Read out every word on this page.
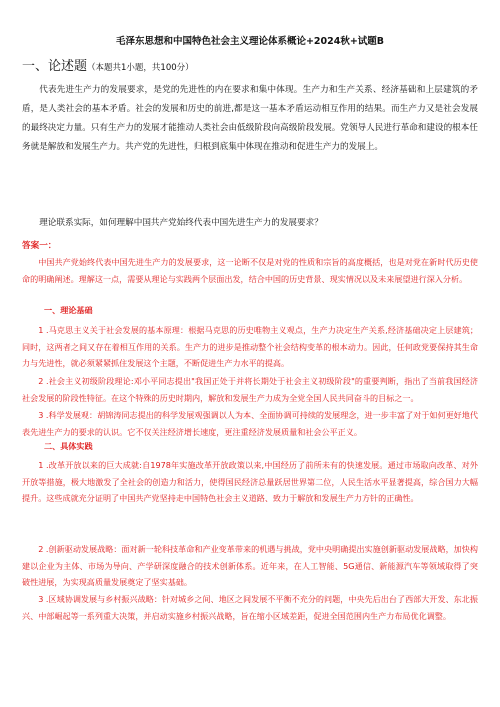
毛泽东思想和中国特色社会主义理论体系概论+2024秋+试题B
一、论述题（本题共1小题，共100分）
代表先进生产力的发展要求，是党的先进性的内在要求和集中体现。生产力和生产关系、经济基础和上层建筑的矛盾，是人类社会的基本矛盾。社会的发展和历史的前进,都是这一基本矛盾运动相互作用的结果。而生产力又是社会发展的最终决定力量。只有生产力的发展才能推动人类社会由低级阶段向高级阶段发展。党领导人民进行革命和建设的根本任务就是解放和发展生产力。共产党的先进性，归根到底集中体现在推动和促进生产力的发展上。
理论联系实际，如何理解中国共产党始终代表中国先进生产力的发展要求？
答案一：
中国共产党始终代表中国先进生产力的发展要求，这一论断不仅是对党的性质和宗旨的高度概括，也是对党在新时代历史使命的明确阐述。理解这一点，需要从理论与实践两个层面出发，结合中国的历史背景、现实情况以及未来展望进行深入分析。
一、理论基础
1 .马克思主义关于社会发展的基本原理：根据马克思的历史唯物主义观点，生产力决定生产关系,经济基础决定上层建筑；同时，这两者之间又存在着相互作用的关系。生产力的进步是推动整个社会结构变革的根本动力。因此，任何政党要保持其生命力与先进性，就必须紧紧抓住发展这个主题，不断促进生产力水平的提高。
2 .社会主义初级阶段理论:邓小平同志提出"我国正处于并将长期处于社会主义初级阶段"的重要判断，指出了当前我国经济社会发展的阶段性特征。在这个特殊的历史时期内，解放和发展生产力成为全党全国人民共同奋斗的目标之一。
3 .科学发展观：胡锦涛同志提出的科学发展观强调以人为本、全面协调可持续的发展理念，进一步丰富了对于如何更好地代表先进生产力的要求的认识。它不仅关注经济增长速度，更注重经济发展质量和社会公平正义。
二、具体实践
1 .改革开放以来的巨大成就:自1978年实施改革开放政策以来,中国经历了前所未有的快速发展。通过市场取向改革、对外开放等措施，极大地激发了全社会的创造力和活力，使得国民经济总量跃居世界第二位，人民生活水平显著提高，综合国力大幅提升。这些成就充分证明了中国共产党坚持走中国特色社会主义道路、致力于解放和发展生产力方针的正确性。
2 .创新驱动发展战略：面对新一轮科技革命和产业变革带来的机遇与挑战，党中央明确提出实施创新驱动发展战略，加快构建以企业为主体、市场为导向、产学研深度融合的技术创新体系。近年来，在人工智能、5G通信、新能源汽车等领域取得了突破性进展，为实现高质量发展奠定了坚实基础。
3 .区域协调发展与乡村振兴战略：针对城乡之间、地区之间发展不平衡不充分的问题，中央先后出台了西部大开发、东北振兴、中部崛起等一系列重大决策，并启动实施乡村振兴战略，旨在缩小区域差距，促进全国范围内生产力布局优化调整。
